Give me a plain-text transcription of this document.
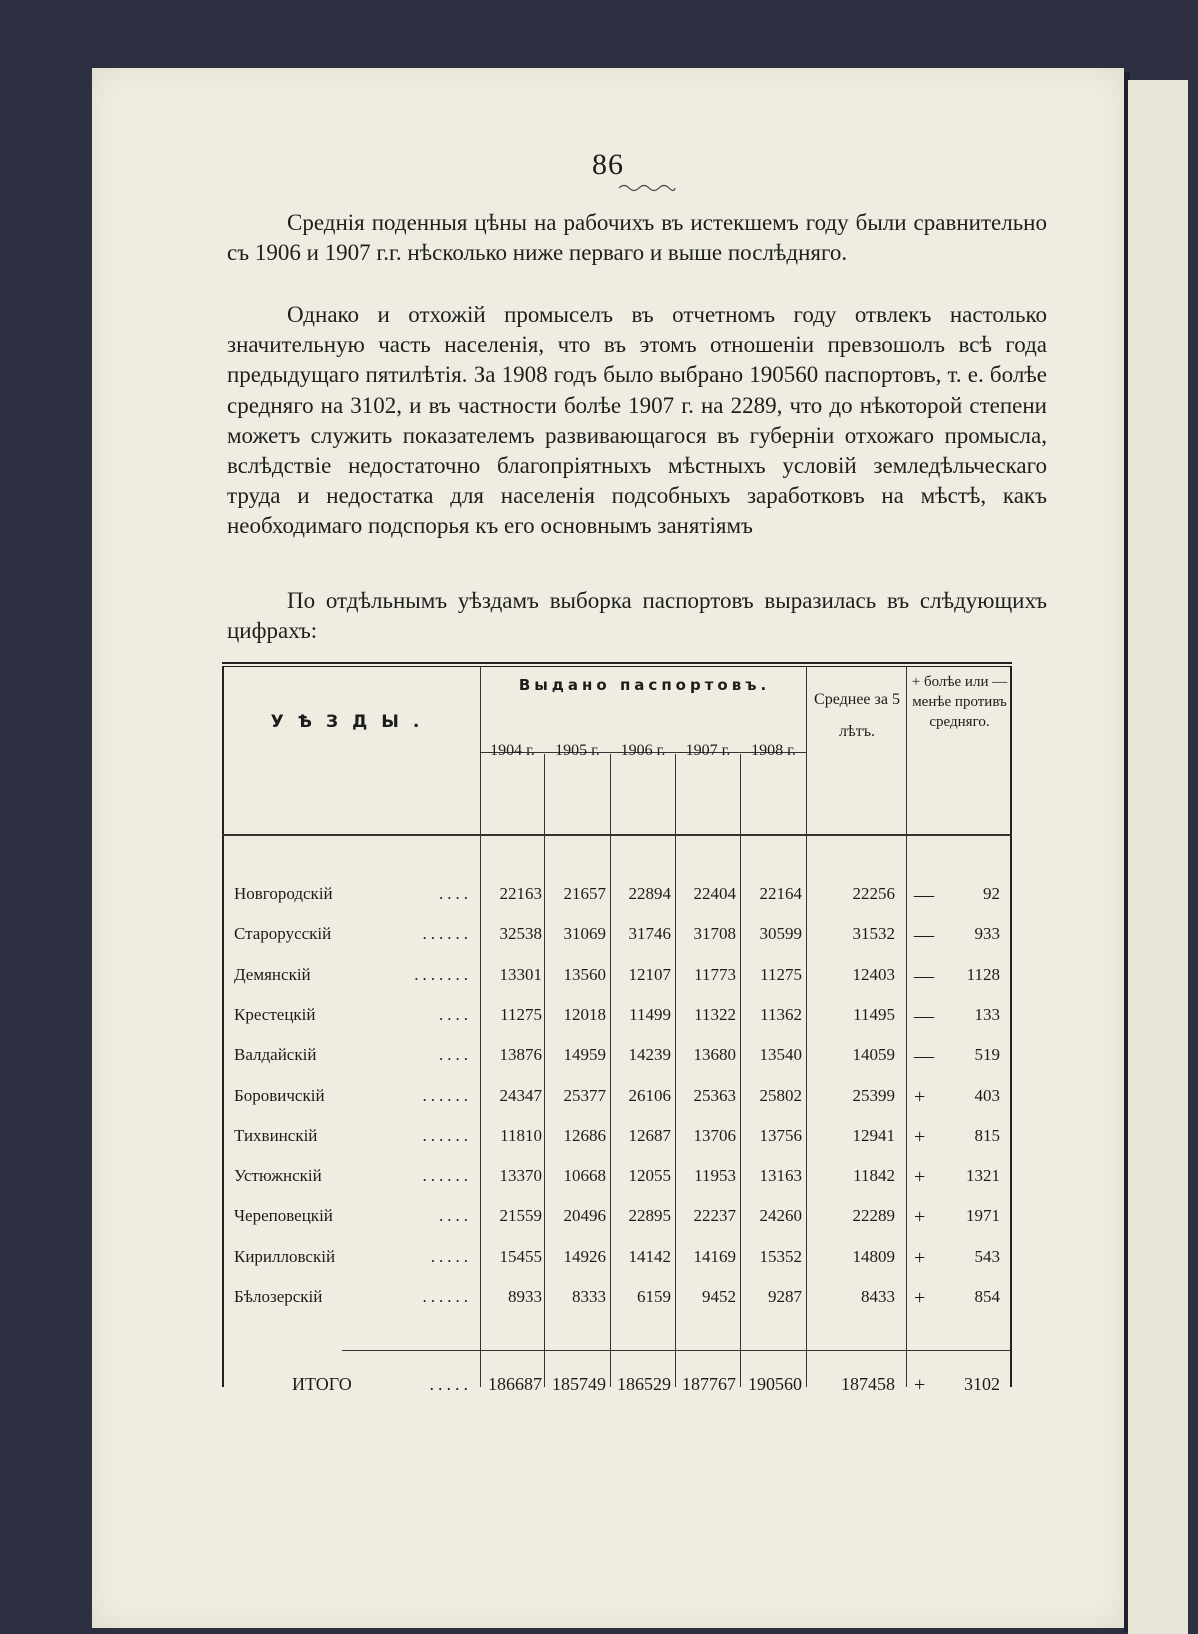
86

Среднія поденныя цѣны на рабочихъ въ истекшемъ году были сравнительно съ 1906 и 1907 г.г. нѣсколько ниже перваго и выше послѣдняго.

Однако и отхожій промыселъ въ отчетномъ году отвлекъ настолько значительную часть населенія, что въ этомъ отношеніи превзошолъ всѣ года предыдущаго пятилѣтія. За 1908 годъ было выбрано 190560 паспортовъ, т. е. болѣе средняго на 3102, и въ частности болѣе 1907 г. на 2289, что до нѣкоторой степени можетъ служить показателемъ развивающагося въ губерніи отхожаго промысла, вслѣдствіе недостаточно благопріятныхъ мѣстныхъ условій земледѣльческаго труда и недостатка для населенія подсобныхъ заработковъ на мѣстѣ, какъ необходимаго подспорья къ его основнымъ занятіямъ

По отдѣльнымъ уѣздамъ выборка паспортовъ выразилась въ слѣдующихъ цифрахъ:

УѢЗДЫ.
Выдано паспортовъ.
1904 г.	1905 г.	1906 г.	1907 г.	1908 г.
Среднее за 5 лѣтъ.
+ болѣе или — менѣе противъ средняго.
Новгородскій	....	22163	21657	22894	22404	22164	22256 —	92
Старорусскій	......	32538	31069	31746	31708	30599	31532 —	933
Демянскій	.......	13301	13560	12107	11773	11275	12403 —	1128
Крестецкій	....	11275	12018	11499	11322	11362	11495 —	133
Валдайскій	....	13876	14959	14239	13680	13540	14059 —	519
Боровичскій	......	24347	25377	26106	25363	25802	25399 +	403
Тихвинскій	......	11810	12686	12687	13706	13756	12941 +	815
Устюжнскій	......	13370	10668	12055	11953	13163	11842 +	1321
Череповецкій	....	21559	20496	22895	22237	24260	22289 +	1971
Кирилловскій	.....	15455	14926	14142	14169	15352	14809 +	543
Бѣлозерскій	......	8933	8333	6159	9452	9287	8433 +	854
ИТОГО	..... 186687 185749 186529 187767 190560	187458 +	3102
